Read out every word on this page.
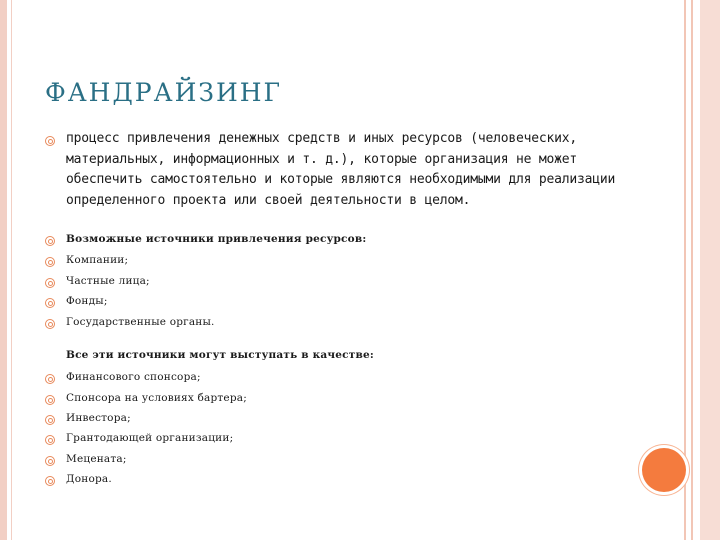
ФАНДРАЙЗИНГ
процесс привлечения денежных средств и иных ресурсов (человеческих, материальных, информационных и т. д.), которые организация не может обеспечить самостоятельно и которые являются необходимыми для реализации определенного проекта или своей деятельности в целом.
Возможные источники привлечения ресурсов:
Компании;
Частные лица;
Фонды;
Государственные органы.
Все эти источники могут выступать в качестве:
Финансового спонсора;
Спонсора на условиях бартера;
Инвестора;
Грантодающей организации;
Мецената;
Донора.
